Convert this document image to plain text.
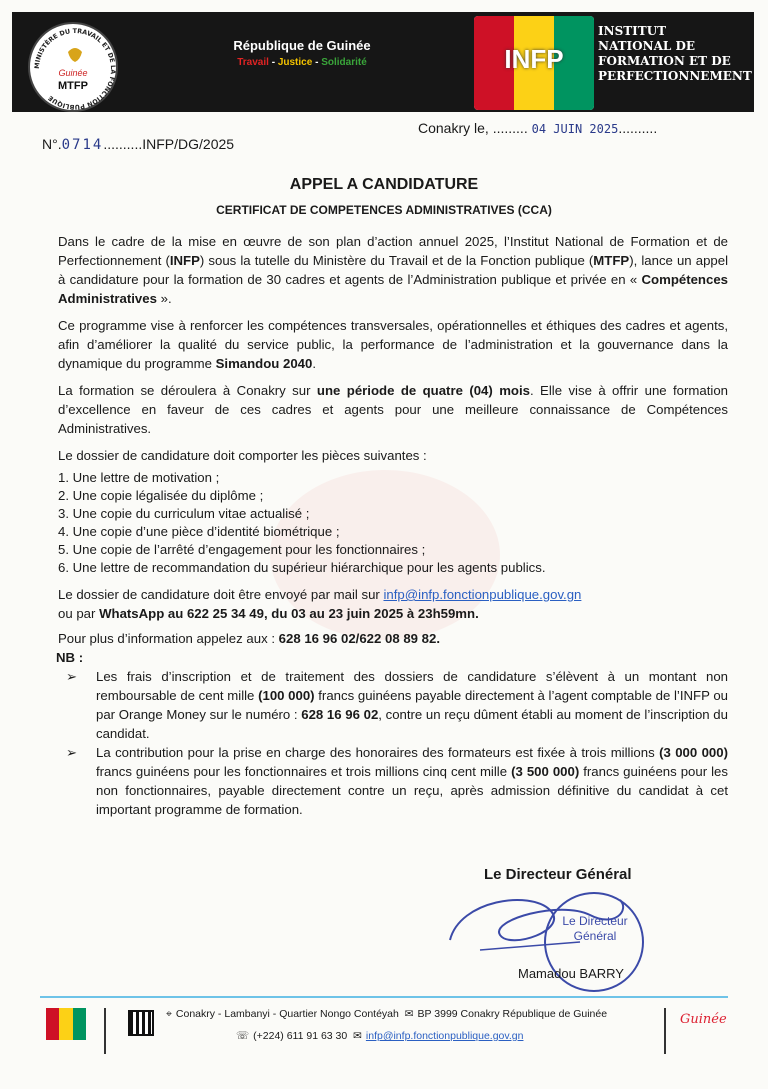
MINISTÈRE DU TRAVAIL ET DE LA FONCTION PUBLIQUE
Guinée
MTFP
République de Guinée
Travail - Justice - Solidarité	INFP
INSTITUT
NATIONAL DE
FORMATION ET DE
PERFECTIONNEMENT
N°.0714..........INFP/DG/2025
Conakry le, ......... 04 JUIN 2025..........
APPEL A CANDIDATURE
CERTIFICAT DE COMPETENCES ADMINISTRATIVES (CCA)

Dans le cadre de la mise en œuvre de son plan d’action annuel 2025, l’Institut National de Formation et de Perfectionnement (INFP) sous la tutelle du Ministère du Travail et de la Fonction publique (MTFP), lance un appel à candidature pour la formation de 30 cadres et agents de l’Administration publique et privée en « Compétences Administratives ».

Ce programme vise à renforcer les compétences transversales, opérationnelles et éthiques des cadres et agents, afin d’améliorer la qualité du service public, la performance de l’administration et la gouvernance dans la dynamique du programme Simandou 2040.

La formation se déroulera à Conakry sur une période de quatre (04) mois. Elle vise à offrir une formation d’excellence en faveur de ces cadres et agents pour une meilleure connaissance de Compétences Administratives.

Le dossier de candidature doit comporter les pièces suivantes :

1. Une lettre de motivation ;
2. Une copie légalisée du diplôme ;
3. Une copie du curriculum vitae actualisé ;
4. Une copie d’une pièce d’identité biométrique ;
5. Une copie de l’arrêté d’engagement pour les fonctionnaires ;
6. Une lettre de recommandation du supérieur hiérarchique pour les agents publics.

Le dossier de candidature doit être envoyé par mail sur infp@infp.fonctionpublique.gov.gn
ou par WhatsApp au 622 25 34 49, du 03 au 23 juin 2025 à 23h59mn.

Pour plus d’information appelez aux : 628 16 96 02/622 08 89 82.

NB :
➢	Les frais d’inscription et de traitement des dossiers de candidature s’élèvent à un montant non remboursable de cent mille (100 000) francs guinéens payable directement à l’agent comptable de l’INFP ou par Orange Money sur le numéro : 628 16 96 02, contre un reçu dûment établi au moment de l’inscription du candidat.
➢	La contribution pour la prise en charge des honoraires des formateurs est fixée à trois millions (3 000 000) francs guinéens pour les fonctionnaires et trois millions cinq cent mille (3 500 000) francs guinéens pour les non fonctionnaires, payable directement contre un reçu, après admission définitive du candidat à cet important programme de formation.
Le Directeur Général
Le Directeur
Général
Mamadou BARRY
⌖ Conakry - Lambanyi - Quartier Nongo Contéyah ✉ BP 3999 Conakry République de Guinée
☏ (+224) 611 91 63 30 ✉ infp@infp.fonctionpublique.gov.gn
Guinée
